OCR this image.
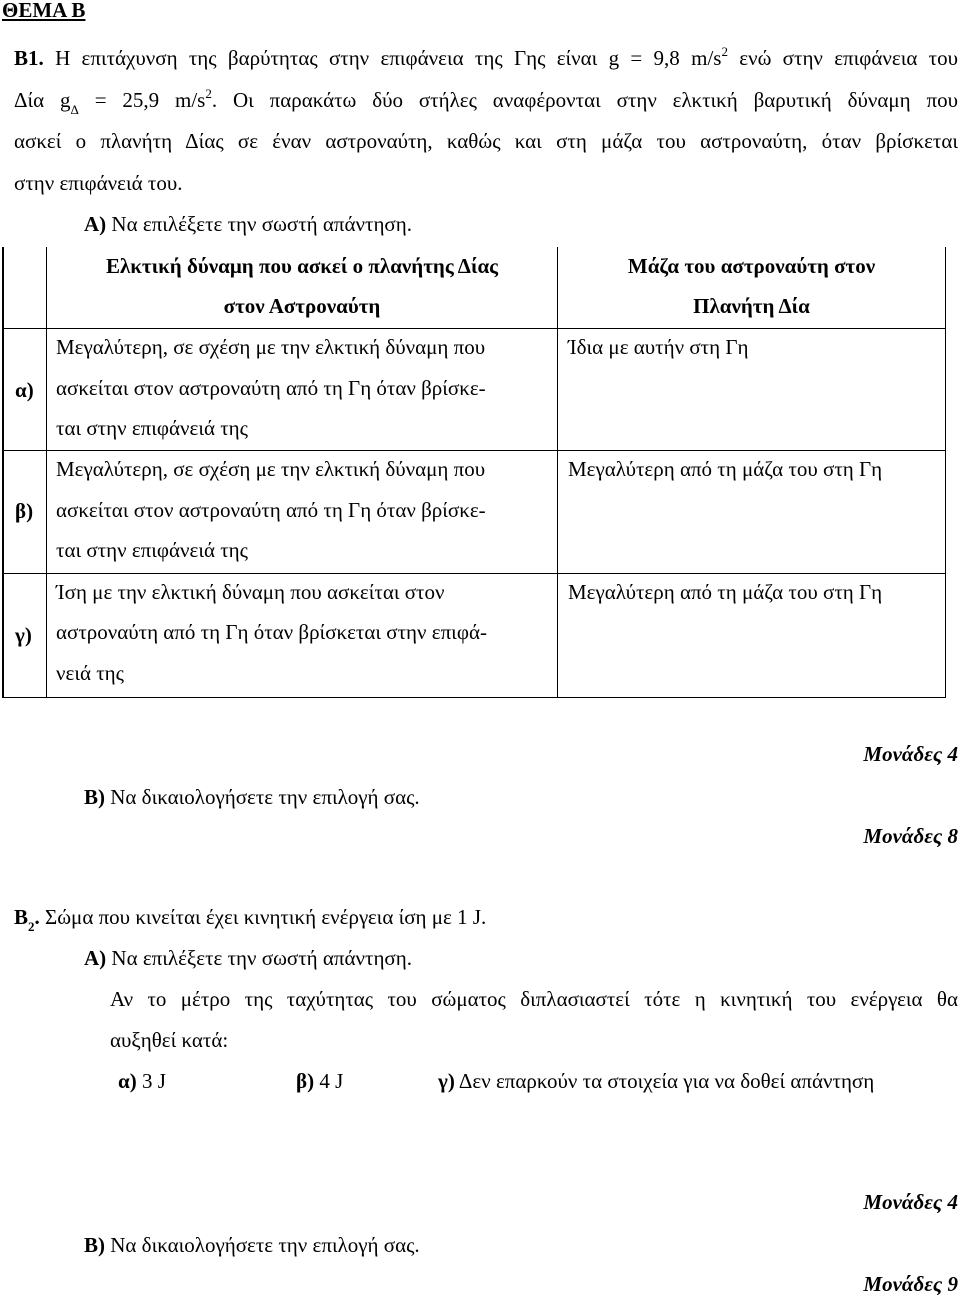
ΘΕΜΑ Β
Β1. Η επιτάχυνση της βαρύτητας στην επιφάνεια της Γης είναι g = 9,8 $m/s^2$ ενώ στην επιφάνεια του
Δία $g_\Delta = 25,9$ $m/s^2$. Οι παρακάτω δύο στήλες αναφέρονται στην ελκτική βαρυτική δύναμη που
ασκεί ο πλανήτη Δίας σε έναν αστροναύτη, καθώς και στη μάζα του αστροναύτη, όταν βρίσκεται
στην επιφάνειά του.
Α) Να επιλέξετε την σωστή απάντηση.
Ελκτική δύναμη που ασκεί ο πλανήτης Δίας
στον Αστροναύτη
Μάζα του αστροναύτη στον
Πλανήτη Δία
α)
Μεγαλύτερη, σε σχέση με την ελκτική δύναμη που
ασκείται στον αστροναύτη από τη Γη όταν βρίσκε-
ται στην επιφάνειά της
Ίδια με αυτήν στη Γη
β)
Μεγαλύτερη, σε σχέση με την ελκτική δύναμη που
ασκείται στον αστροναύτη από τη Γη όταν βρίσκε-
ται στην επιφάνειά της
Μεγαλύτερη από τη μάζα του στη Γη
γ)
Ίση με την ελκτική δύναμη που ασκείται στον
αστροναύτη από τη Γη όταν βρίσκεται στην επιφά-
νειά της
Μεγαλύτερη από τη μάζα του στη Γη
Μονάδες 4
Β) Να δικαιολογήσετε την επιλογή σας.
Μονάδες 8
$B_2$. Σώμα που κινείται έχει κινητική ενέργεια ίση με 1 J.
Α) Να επιλέξετε την σωστή απάντηση.
Αν το μέτρο της ταχύτητας του σώματος διπλασιαστεί τότε η κινητική του ενέργεια θα
αυξηθεί κατά:
α) 3 J	β) 4 J	γ) Δεν επαρκούν τα στοιχεία για να δοθεί απάντηση
Μονάδες 4
Β) Να δικαιολογήσετε την επιλογή σας.
Μονάδες 9
